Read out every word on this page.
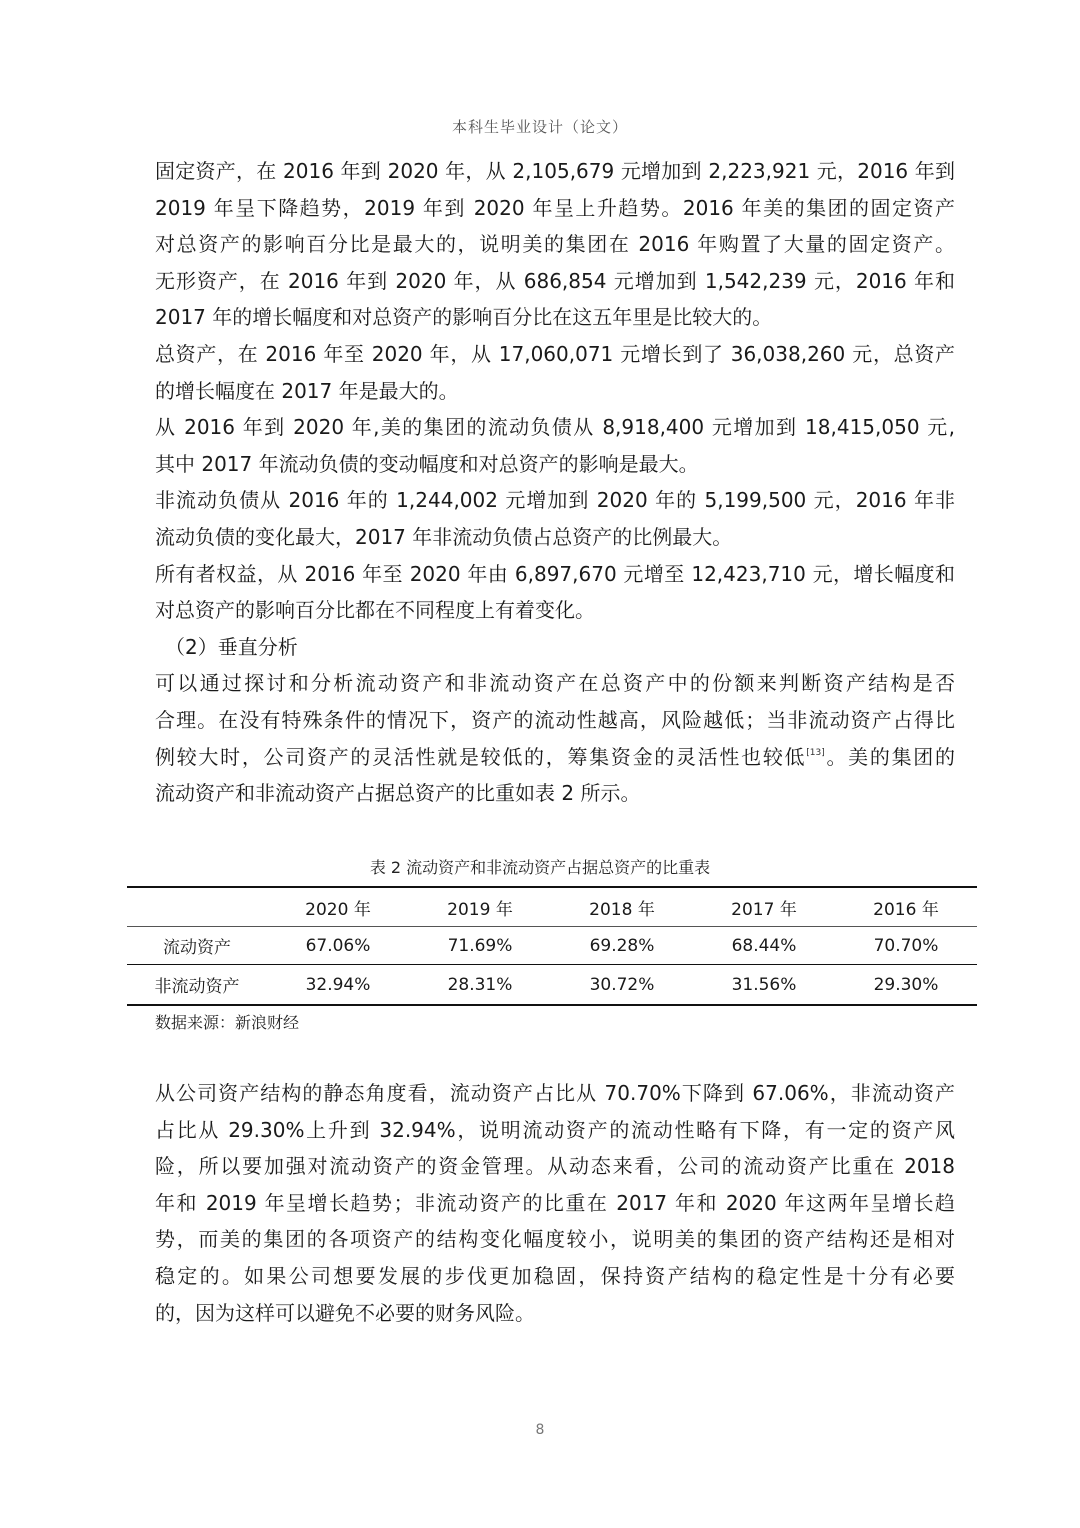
本科生毕业设计（论文）
固定资产，在 2016 年到 2020 年，从 2,105,679 元增加到 2,223,921 元，2016 年到
2019 年呈下降趋势，2019 年到 2020 年呈上升趋势。2016 年美的集团的固定资产
对总资产的影响百分比是最大的，说明美的集团在 2016 年购置了大量的固定资产。
无形资产，在 2016 年到 2020 年，从 686,854 元增加到 1,542,239 元，2016 年和
2017 年的增长幅度和对总资产的影响百分比在这五年里是比较大的。
总资产，在 2016 年至 2020 年，从 17,060,071 元增长到了 36,038,260 元，总资产
的增长幅度在 2017 年是最大的。
从 2016 年到 2020 年,美的集团的流动负债从 8,918,400 元增加到 18,415,050 元,
其中 2017 年流动负债的变动幅度和对总资产的影响是最大。
非流动负债从 2016 年的 1,244,002 元增加到 2020 年的 5,199,500 元，2016 年非
流动负债的变化最大，2017 年非流动负债占总资产的比例最大。
所有者权益，从 2016 年至 2020 年由 6,897,670 元增至 12,423,710 元，增长幅度和
对总资产的影响百分比都在不同程度上有着变化。
（2）垂直分析
可以通过探讨和分析流动资产和非流动资产在总资产中的份额来判断资产结构是否
合理。在没有特殊条件的情况下，资产的流动性越高，风险越低；当非流动资产占得比
例较大时，公司资产的灵活性就是较低的，筹集资金的灵活性也较低[13]。美的集团的
流动资产和非流动资产占据总资产的比重如表 2 所示。
表 2 流动资产和非流动资产占据总资产的比重表
	2020 年	2019 年	2018 年	2017 年	2016 年
流动资产	67.06%	71.69%	69.28%	68.44%	70.70%
非流动资产	32.94%	28.31%	30.72%	31.56%	29.30%
数据来源：新浪财经
从公司资产结构的静态角度看，流动资产占比从 70.70%下降到 67.06%，非流动资产
占比从 29.30%上升到 32.94%，说明流动资产的流动性略有下降，有一定的资产风
险，所以要加强对流动资产的资金管理。从动态来看，公司的流动资产比重在 2018
年和 2019 年呈增长趋势；非流动资产的比重在 2017 年和 2020 年这两年呈增长趋
势，而美的集团的各项资产的结构变化幅度较小，说明美的集团的资产结构还是相对
稳定的。如果公司想要发展的步伐更加稳固，保持资产结构的稳定性是十分有必要
的，因为这样可以避免不必要的财务风险。
8
